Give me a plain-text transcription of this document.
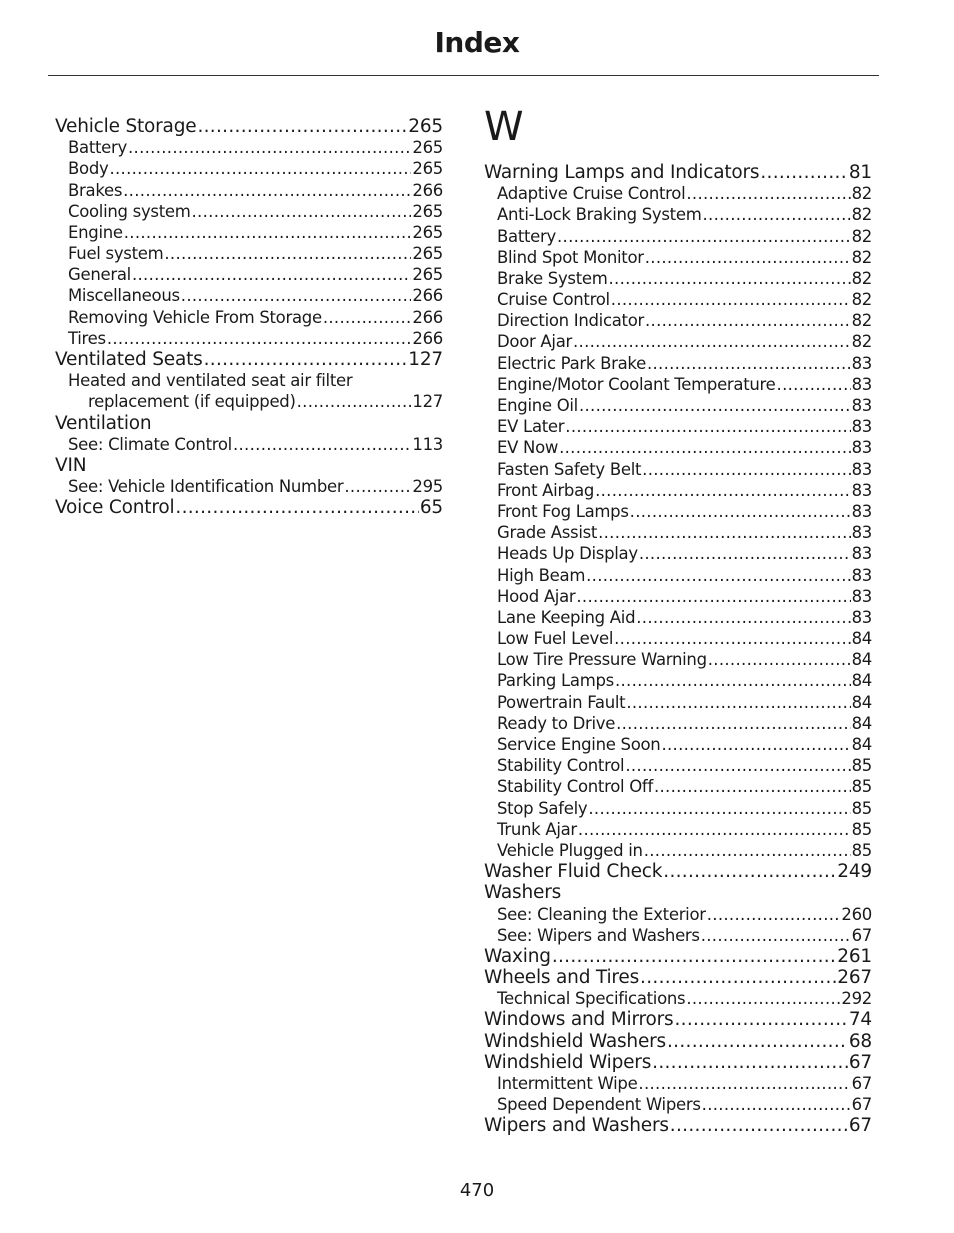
Index
Vehicle Storage .....	265
Battery .....	265
Body .....	265
Brakes .....	266
Cooling system .....	265
Engine .....	265
Fuel system .....	265
General .....	265
Miscellaneous .....	266
Removing Vehicle From Storage .....	266
Tires .....	266
Ventilated Seats .....	127
Heated and ventilated seat air filter
replacement (if equipped) .....	127
Ventilation
See: Climate Control .....	113
VIN
See: Vehicle Identification Number .....	295
Voice Control .....	65
W
Warning Lamps and Indicators .....	81
Adaptive Cruise Control .....	82
Anti-Lock Braking System .....	82
Battery .....	82
Blind Spot Monitor .....	82
Brake System .....	82
Cruise Control .....	82
Direction Indicator .....	82
Door Ajar .....	82
Electric Park Brake .....	83
Engine/Motor Coolant Temperature .....	83
Engine Oil .....	83
EV Later .....	83
EV Now .....	83
Fasten Safety Belt .....	83
Front Airbag .....	83
Front Fog Lamps .....	83
Grade Assist .....	83
Heads Up Display .....	83
High Beam .....	83
Hood Ajar .....	83
Lane Keeping Aid .....	83
Low Fuel Level .....	84
Low Tire Pressure Warning .....	84
Parking Lamps .....	84
Powertrain Fault .....	84
Ready to Drive .....	84
Service Engine Soon .....	84
Stability Control .....	85
Stability Control Off .....	85
Stop Safely .....	85
Trunk Ajar .....	85
Vehicle Plugged in .....	85
Washer Fluid Check .....	249
Washers
See: Cleaning the Exterior .....	260
See: Wipers and Washers .....	67
Waxing .....	261
Wheels and Tires .....	267
Technical Specifications .....	292
Windows and Mirrors .....	74
Windshield Washers .....	68
Windshield Wipers .....	67
Intermittent Wipe .....	67
Speed Dependent Wipers .....	67
Wipers and Washers .....	67
470
